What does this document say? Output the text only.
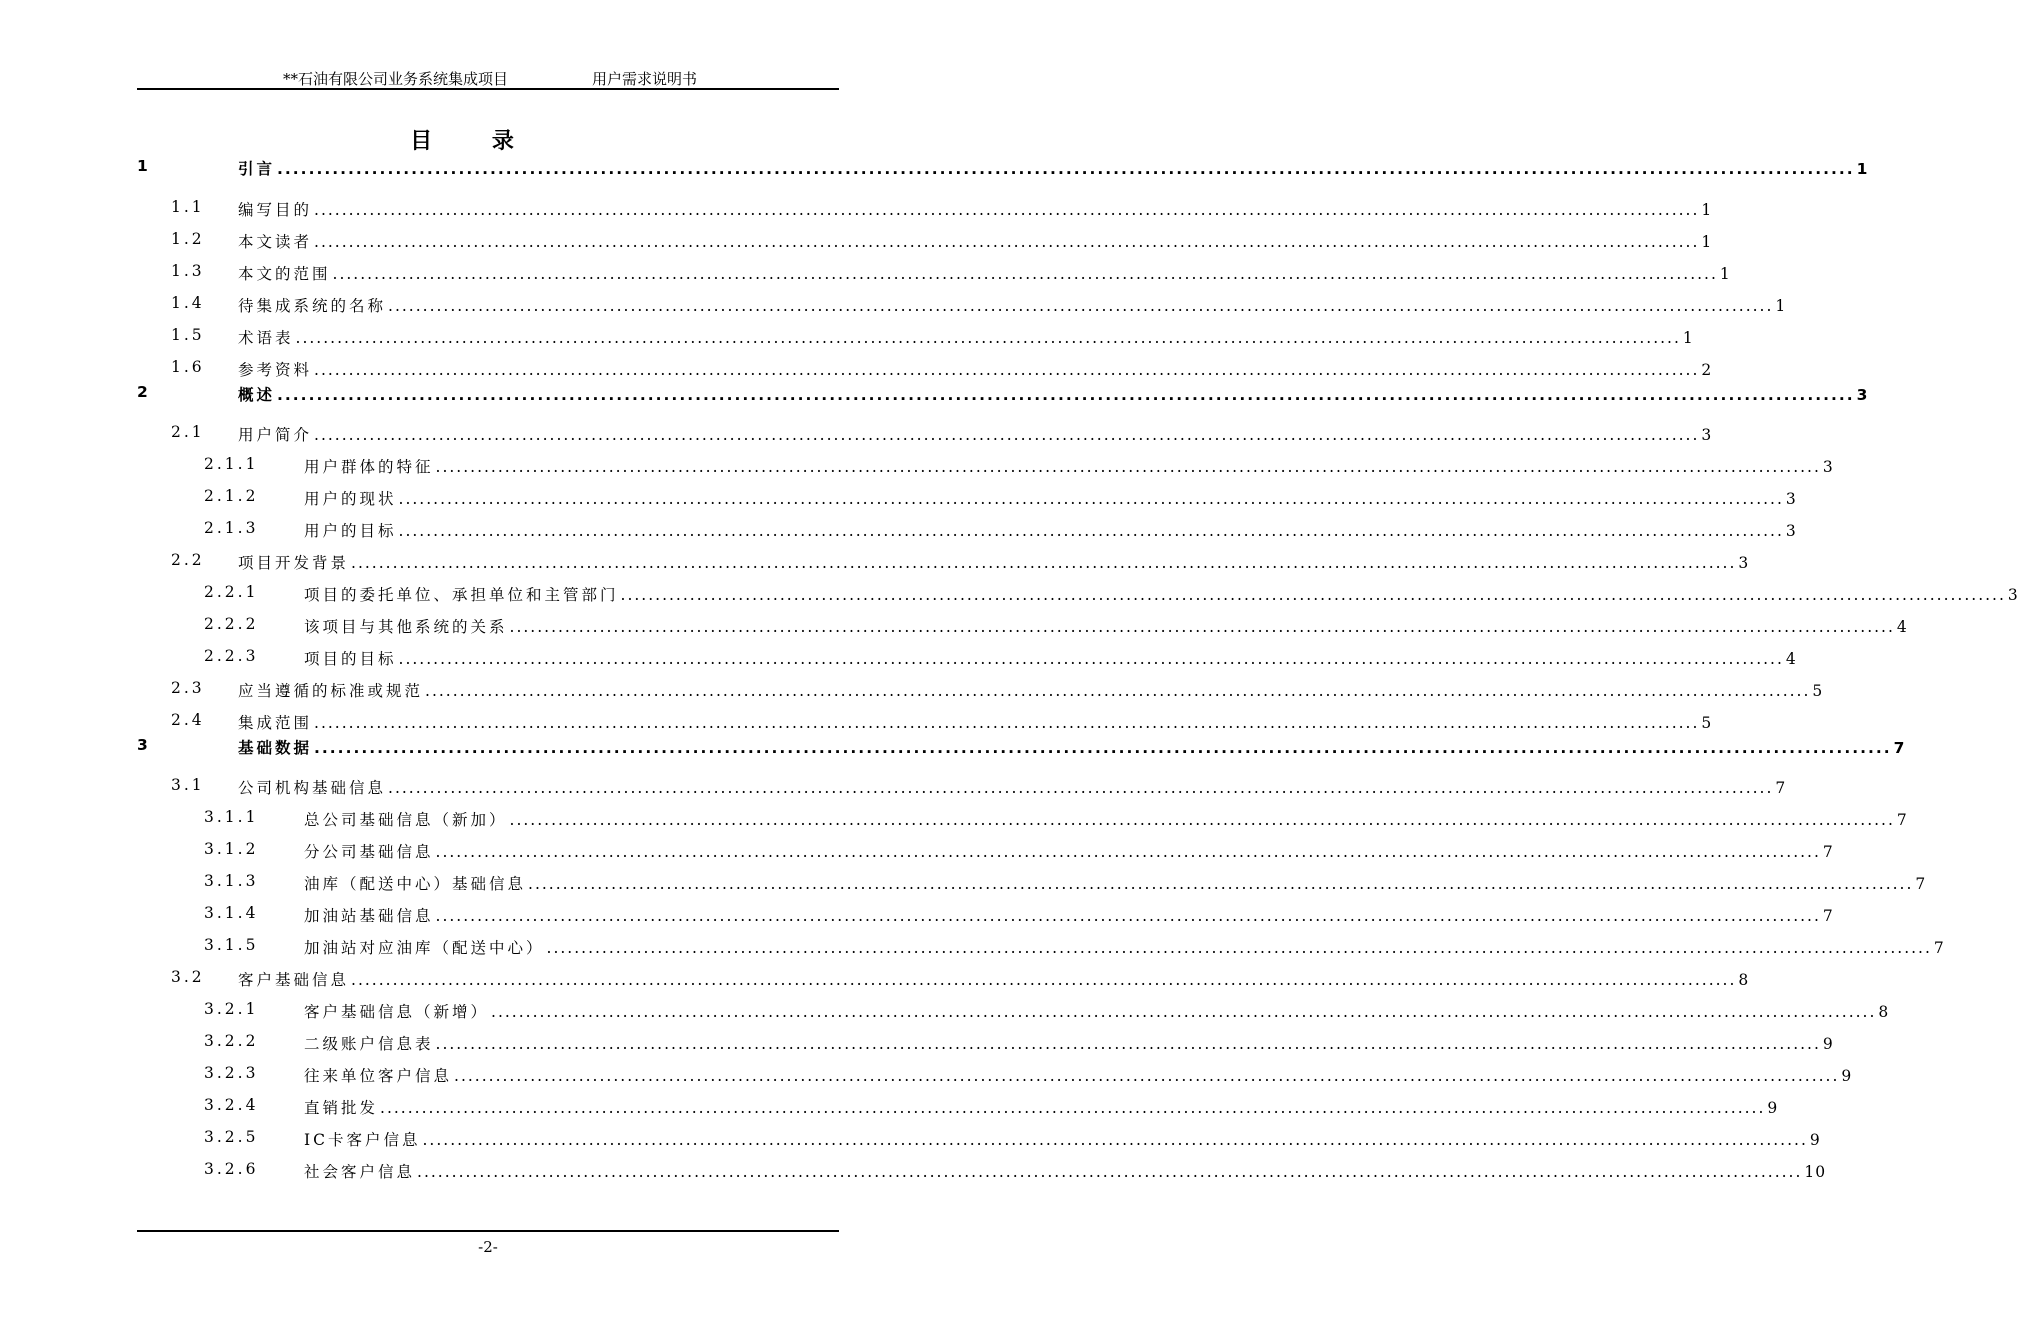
**石油有限公司业务系统集成项目	用户需求说明书
目 录
1	引言 ........................................................................................................................................................................................................ 1
1.1 编写目的 ........................................................................................................................................................................................................ 1
1.2 本文读者 ........................................................................................................................................................................................................ 1
1.3 本文的范围 ........................................................................................................................................................................................................ 1
1.4 待集成系统的名称 ........................................................................................................................................................................................................ 1
1.5 术语表 ........................................................................................................................................................................................................ 1
1.6 参考资料 ........................................................................................................................................................................................................ 2
2	概述 ........................................................................................................................................................................................................ 3
2.1 用户简介 ........................................................................................................................................................................................................ 3
2.1.1	用户群体的特征 ........................................................................................................................................................................................................ 3
2.1.2	用户的现状 ........................................................................................................................................................................................................ 3
2.1.3	用户的目标 ........................................................................................................................................................................................................ 3
2.2 项目开发背景 ........................................................................................................................................................................................................ 3
2.2.1	项目的委托单位、承担单位和主管部门 ........................................................................................................................................................................................................ 3
2.2.2	该项目与其他系统的关系 ........................................................................................................................................................................................................ 4
2.2.3	项目的目标 ........................................................................................................................................................................................................ 4
2.3 应当遵循的标准或规范 ........................................................................................................................................................................................................ 5
2.4 集成范围 ........................................................................................................................................................................................................ 5
3	基础数据 ........................................................................................................................................................................................................ 7
3.1 公司机构基础信息 ........................................................................................................................................................................................................ 7
3.1.1	总公司基础信息（新加） ........................................................................................................................................................................................................ 7
3.1.2	分公司基础信息 ........................................................................................................................................................................................................ 7
3.1.3	油库（配送中心）基础信息 ........................................................................................................................................................................................................ 7
3.1.4	加油站基础信息 ........................................................................................................................................................................................................ 7
3.1.5	加油站对应油库（配送中心） ........................................................................................................................................................................................................ 7
3.2 客户基础信息 ........................................................................................................................................................................................................ 8
3.2.1	客户基础信息（新增） ........................................................................................................................................................................................................ 8
3.2.2	二级账户信息表 ........................................................................................................................................................................................................ 9
3.2.3	往来单位客户信息 ........................................................................................................................................................................................................ 9
3.2.4	直销批发 ........................................................................................................................................................................................................ 9
3.2.5	IC卡客户信息 ........................................................................................................................................................................................................ 9
3.2.6	社会客户信息 ........................................................................................................................................................................................................ 10
-2-
